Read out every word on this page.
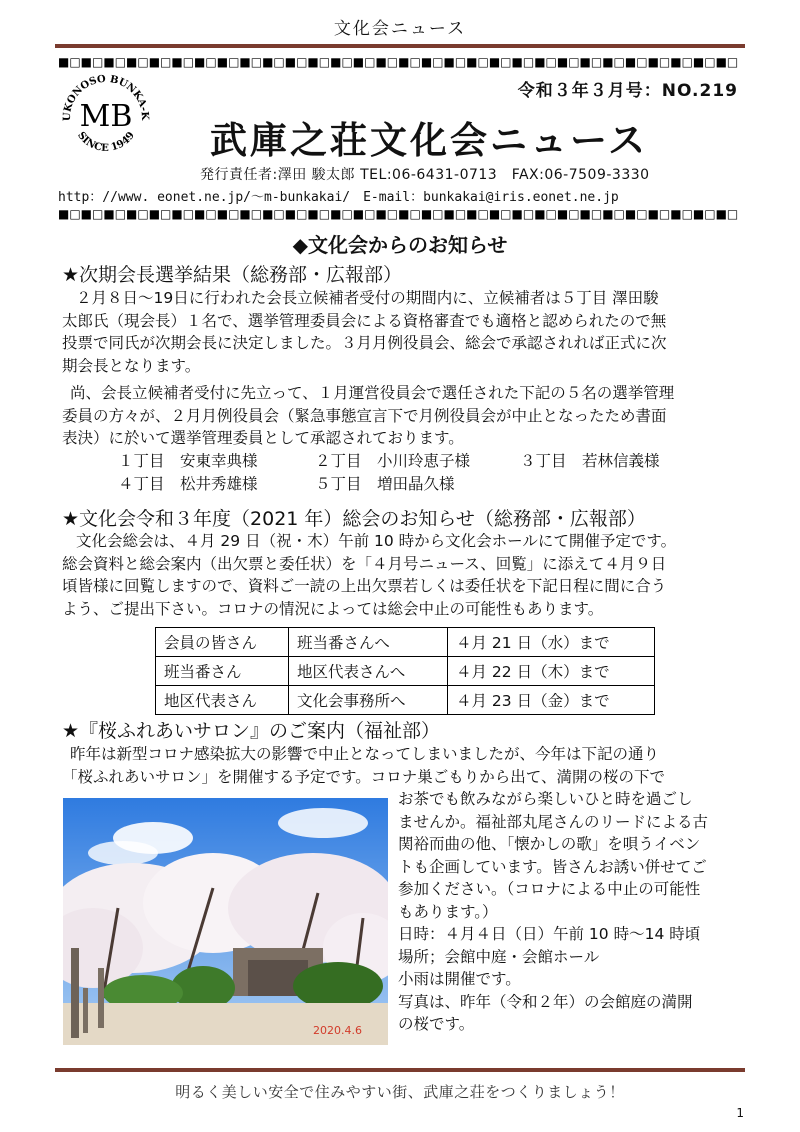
文化会ニュース
■□■□■□■□■□■□■□■□■□■□■□■□■□■□■□■□■□■□■□■□■□■□■□■□■□■□■□■□■□■□
令和３年３月号：NO.219
UKONOSO BUNKA-K
MB
SINCE 1949 武庫之荘文化会ニュース
発行責任者:澤田 駿太郎 TEL:06-6431-0713　FAX:06-7509-3330
http：//www. eonet.ne.jp/～m-bunkakai/　E-mail：bunkakai@iris.eonet.ne.jp
■□■□■□■□■□■□■□■□■□■□■□■□■□■□■□■□■□■□■□■□■□■□■□■□■□■□■□■□■□■□
◆文化会からのお知らせ
★次期会長選挙結果（総務部・広報部）
２月８日～19日に行われた会長立候補者受付の期間内に、立候補者は５丁目 澤田駿
太郎氏（現会長）１名で、選挙管理委員会による資格審査でも適格と認められたので無
投票で同氏が次期会長に決定しました。３月月例役員会、総会で承認されれば正式に次
期会長となります。
尚、会長立候補者受付に先立って、１月運営役員会で選任された下記の５名の選挙管理
委員の方々が、２月月例役員会（緊急事態宣言下で月例役員会が中止となったため書面
表決）に於いて選挙管理委員として承認されております。
１丁目　安東幸典様	２丁目　小川玲恵子様	３丁目　若林信義様
４丁目　松井秀雄様	５丁目　増田晶久様
★文化会令和３年度（2021 年）総会のお知らせ（総務部・広報部）
文化会総会は、４月 29 日（祝・木）午前 10 時から文化会ホールにて開催予定です。
総会資料と総会案内（出欠票と委任状）を「４月号ニュース、回覧」に添えて４月９日
頃皆様に回覧しますので、資料ご一読の上出欠票若しくは委任状を下記日程に間に合う
よう、ご提出下さい。コロナの情況によっては総会中止の可能性もあります。
会員の皆さん	班当番さんへ	４月 21 日（水）まで
班当番さん	地区代表さんへ	４月 22 日（木）まで
地区代表さん	文化会事務所へ	４月 23 日（金）まで
★『桜ふれあいサロン』のご案内（福祉部）
昨年は新型コロナ感染拡大の影響で中止となってしまいましたが、今年は下記の通り
「桜ふれあいサロン」を開催する予定です。コロナ巣ごもりから出て、満開の桜の下で
2020.4.6
お茶でも飲みながら楽しいひと時を過ごし
ませんか。福祉部丸尾さんのリードによる古
関裕而曲の他、「懐かしの歌」を唄うイベン
トも企画しています。皆さんお誘い併せてご
参加ください。（コロナによる中止の可能性
もあります。）
日時：４月４日（日）午前 10 時～14 時頃
場所；会館中庭・会館ホール
小雨は開催です。
写真は、昨年（令和２年）の会館庭の満開
の桜です。
明るく美しい安全で住みやすい街、武庫之荘をつくりましょう！
1
